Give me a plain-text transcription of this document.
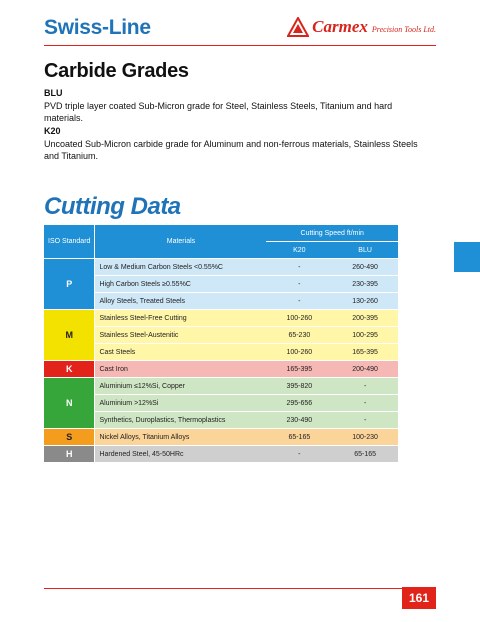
Swiss-Line	Carmex Precision Tools Ltd.
Carbide Grades
BLU
PVD triple layer coated Sub-Micron grade for Steel, Stainless Steels, Titanium and hard materials.
K20
Uncoated Sub-Micron carbide grade for Aluminum and non-ferrous materials, Stainless Steels and Titanium.
Cutting Data
ISO Standard	Materials	Cutting Speed ft/min	
		K20	BLU
P	Low & Medium Carbon Steels <0.55%C	-	260-490
	High Carbon Steels ≥0.55%C	-	230-395
	Alloy Steels, Treated Steels	-	130-260
M	Stainless Steel-Free Cutting	100-260	200-395
	Stainless Steel-Austenitic	65-230	100-295
	Cast Steels	100-260	165-395
K	Cast Iron	165-395	200-490
N	Aluminium ≤12%Si, Copper	395-820	-
	Aluminium >12%Si	295-656	-
	Synthetics, Duroplastics, Thermoplastics	230-490	-
S	Nickel Alloys, Titanium Alloys	65-165	100-230
H	Hardened Steel, 45-50HRc	-	65-165
161
